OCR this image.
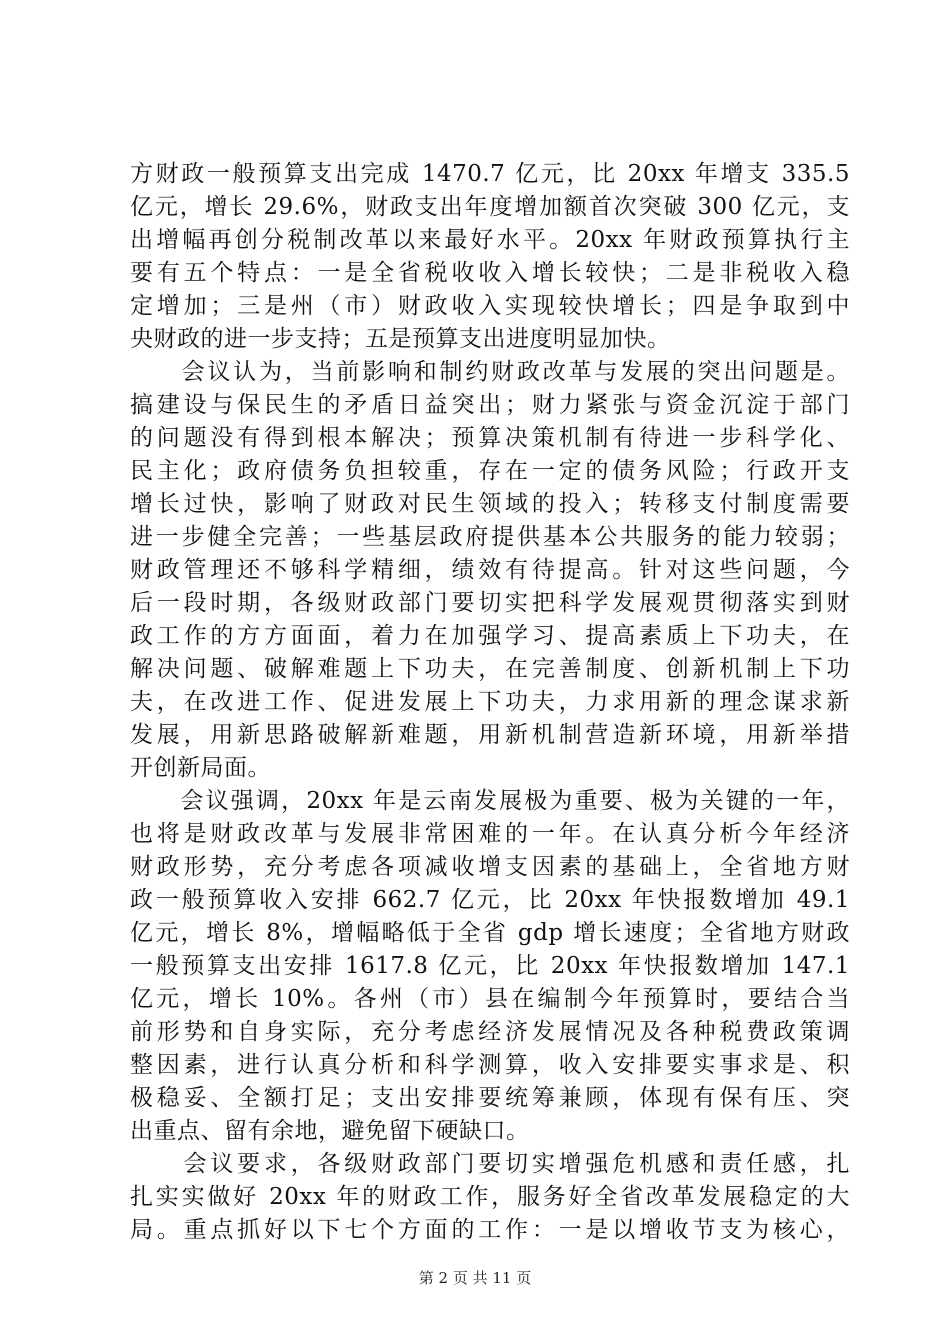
方财政一般预算支出完成 1470.7 亿元，比 20xx 年增支 335.5
亿元，增长 29.6%，财政支出年度增加额首次突破 300 亿元，支
出增幅再创分税制改革以来最好水平。20xx 年财政预算执行主
要有五个特点：一是全省税收收入增长较快；二是非税收入稳
定增加；三是州（市）财政收入实现较快增长；四是争取到中
央财政的进一步支持；五是预算支出进度明显加快。
　　会议认为，当前影响和制约财政改革与发展的突出问题是。
搞建设与保民生的矛盾日益突出；财力紧张与资金沉淀于部门
的问题没有得到根本解决；预算决策机制有待进一步科学化、
民主化；政府债务负担较重，存在一定的债务风险；行政开支
增长过快，影响了财政对民生领域的投入；转移支付制度需要
进一步健全完善；一些基层政府提供基本公共服务的能力较弱；
财政管理还不够科学精细，绩效有待提高。针对这些问题，今
后一段时期，各级财政部门要切实把科学发展观贯彻落实到财
政工作的方方面面，着力在加强学习、提高素质上下功夫，在
解决问题、破解难题上下功夫，在完善制度、创新机制上下功
夫，在改进工作、促进发展上下功夫，力求用新的理念谋求新
发展，用新思路破解新难题，用新机制营造新环境，用新举措
开创新局面。
　　会议强调，20xx 年是云南发展极为重要、极为关键的一年，
也将是财政改革与发展非常困难的一年。在认真分析今年经济
财政形势，充分考虑各项减收增支因素的基础上，全省地方财
政一般预算收入安排 662.7 亿元，比 20xx 年快报数增加 49.1
亿元，增长 8%，增幅略低于全省 gdp 增长速度；全省地方财政
一般预算支出安排 1617.8 亿元，比 20xx 年快报数增加 147.1
亿元，增长 10%。各州（市）县在编制今年预算时，要结合当
前形势和自身实际，充分考虑经济发展情况及各种税费政策调
整因素，进行认真分析和科学测算，收入安排要实事求是、积
极稳妥、全额打足；支出安排要统筹兼顾，体现有保有压、突
出重点、留有余地，避免留下硬缺口。
　　会议要求，各级财政部门要切实增强危机感和责任感，扎
扎实实做好 20xx 年的财政工作，服务好全省改革发展稳定的大
局。重点抓好以下七个方面的工作：一是以增收节支为核心，
第 2 页 共 11 页
